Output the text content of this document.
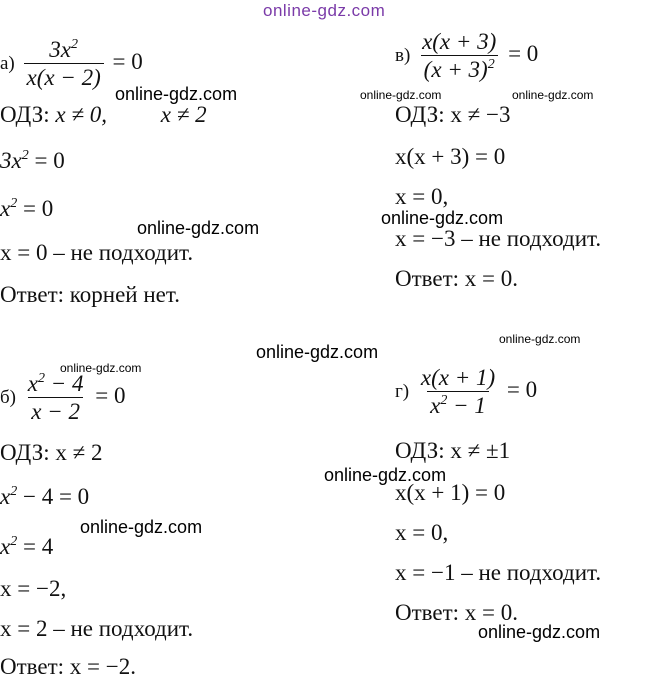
online-gdz.com
$а) \frac{3x^2}{x(x - 2)} = 0$
ОДЗ: x ≠ 0, x ≠ 2
$3x^2 = 0$
$x^2 = 0$
x = 0 – не подходит.
Ответ: корней нет.
$в) \frac{x(x + 3)}{(x + 3)^2} = 0$
ОДЗ: x ≠ −3
x(x + 3) = 0
x = 0,
x = −3 – не подходит.
Ответ: x = 0.
$б) \frac{x^2 - 4}{x - 2} = 0$
ОДЗ: x ≠ 2
$x^2 - 4 = 0$
$x^2 = 4$
x = −2,
x = 2 – не подходит.
Ответ: x = −2.
$г) \frac{x(x + 1)}{x^2 - 1} = 0$
ОДЗ: x ≠ ±1
x(x + 1) = 0
x = 0,
x = −1 – не подходит.
Ответ: x = 0.
online-gdz.com	online-gdz.com	online-gdz.com
online-gdz.com	online-gdz.com
online-gdz.com
online-gdz.com
online-gdz.com
online-gdz.com
online-gdz.com
online-gdz.com
